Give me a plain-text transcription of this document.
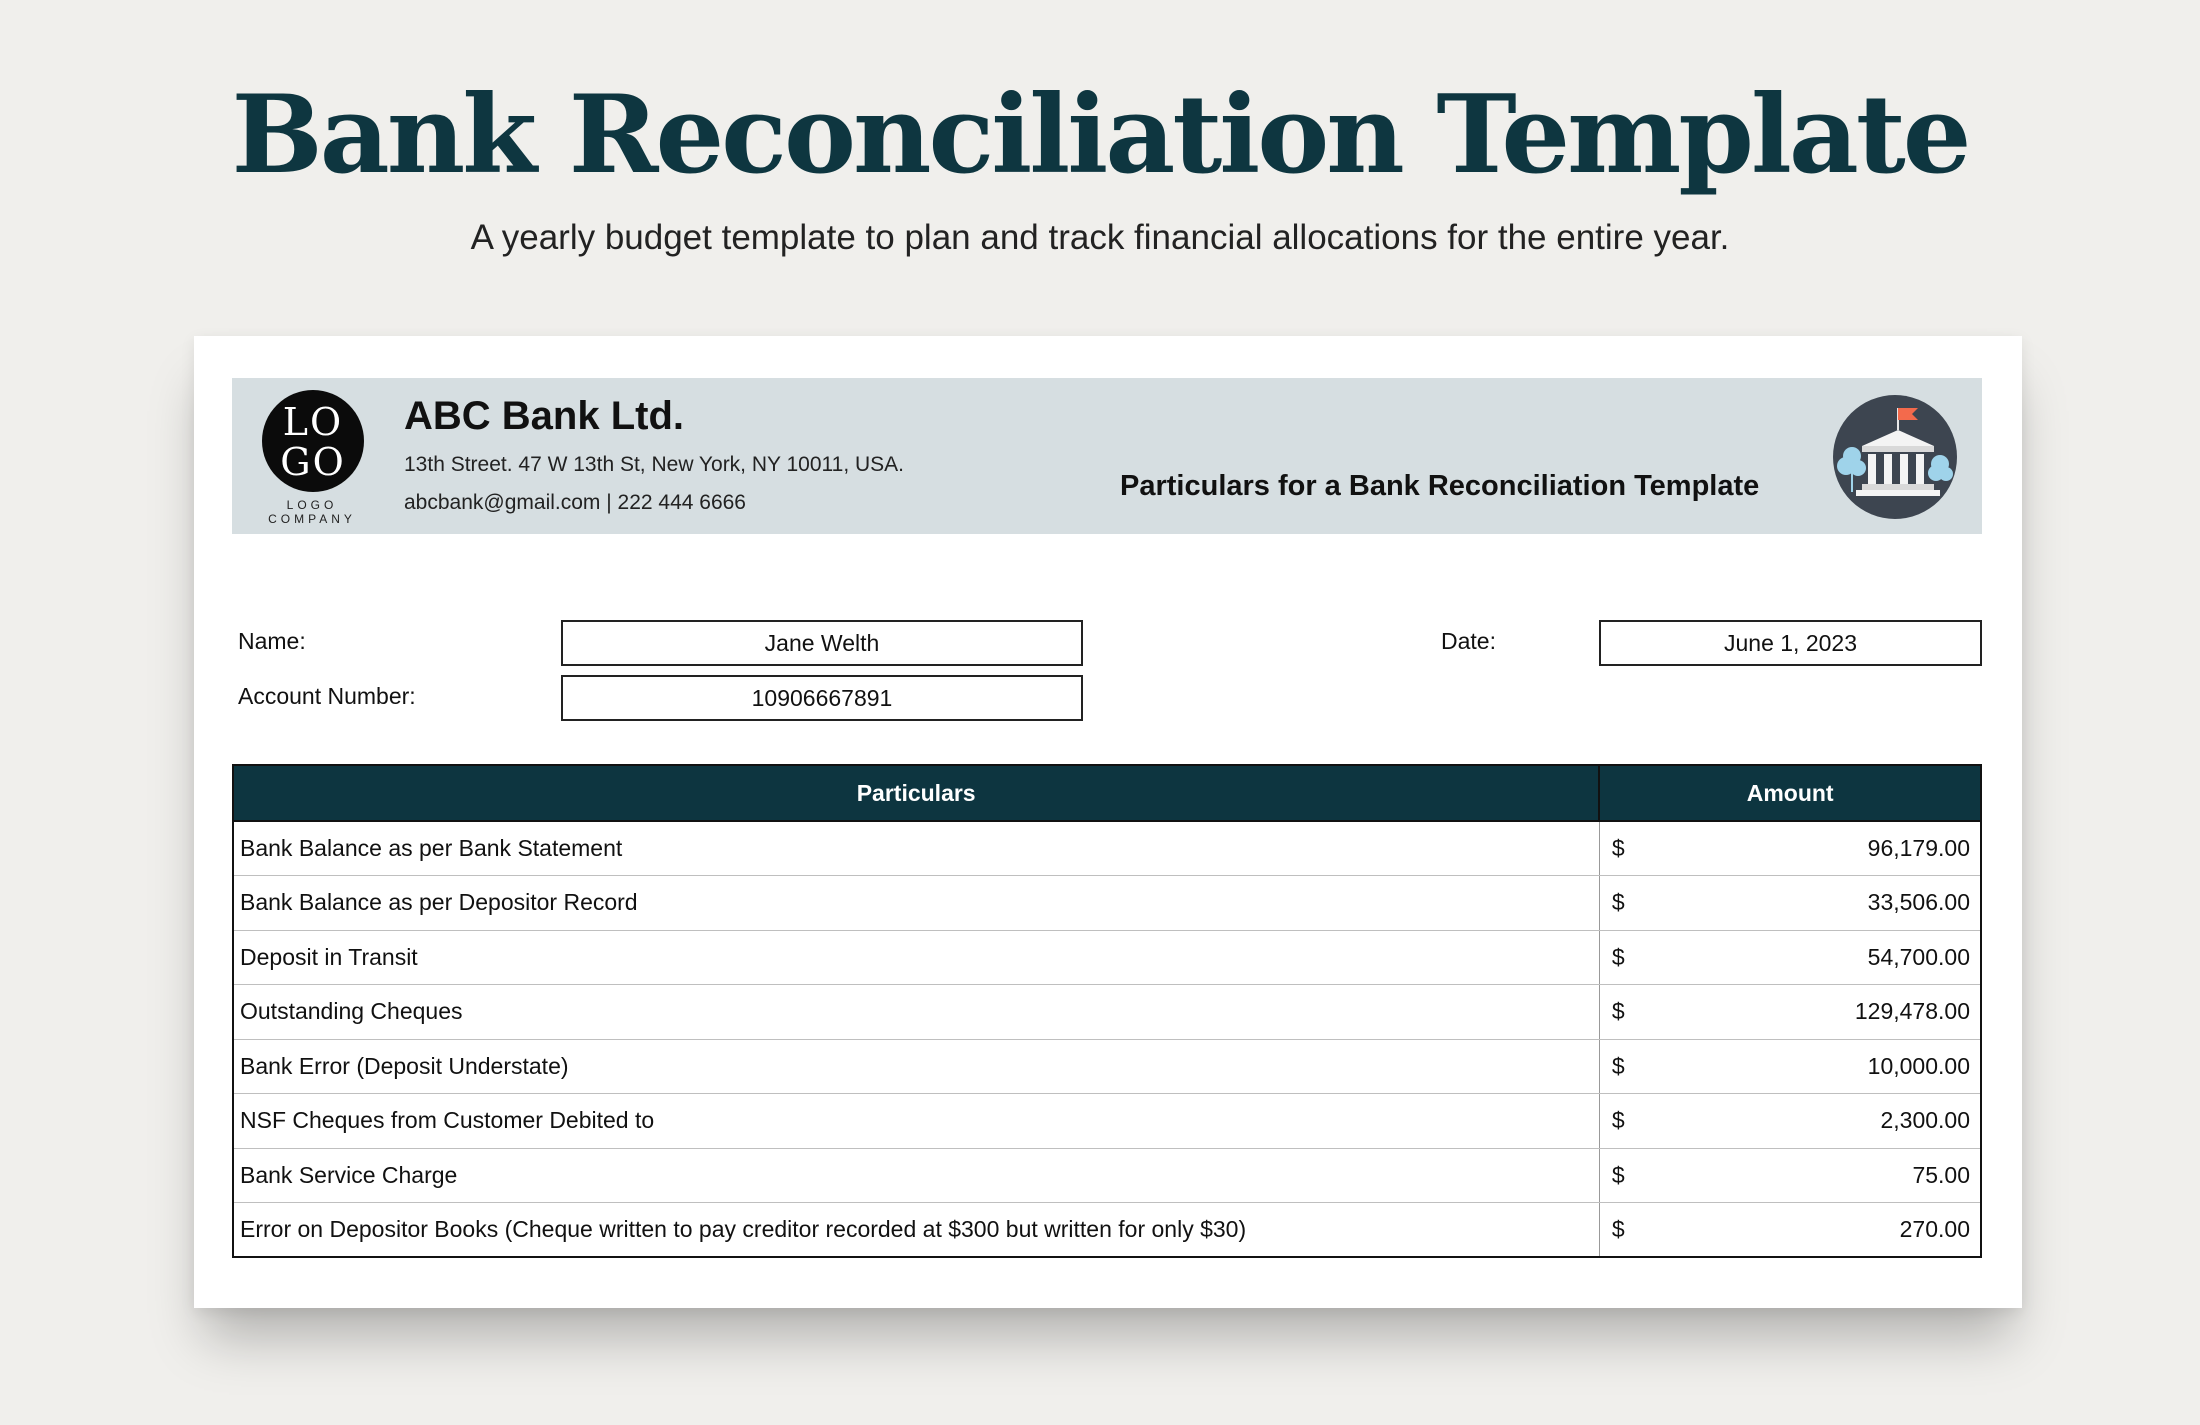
Bank Reconciliation Template
A yearly budget template to plan and track financial allocations for the entire year.
LO
GO
LOGO COMPANY
ABC Bank Ltd.
13th Street. 47 W 13th St, New York, NY 10011, USA.
abcbank@gmail.com | 222 444 6666
Particulars for a Bank Reconciliation Template
Name:	Jane Welth
Account Number:	10906667891
Date:	June 1, 2023
Particulars	Amount
Bank Balance as per Bank Statement	$ 96,179.00
Bank Balance as per Depositor Record	$ 33,506.00
Deposit in Transit	$ 54,700.00
Outstanding Cheques	$ 129,478.00
Bank Error (Deposit Understate)	$ 10,000.00
NSF Cheques from Customer Debited to	$ 2,300.00
Bank Service Charge	$ 75.00
Error on Depositor Books (Cheque written to pay creditor recorded at $300 but written for only $30)	$ 270.00
